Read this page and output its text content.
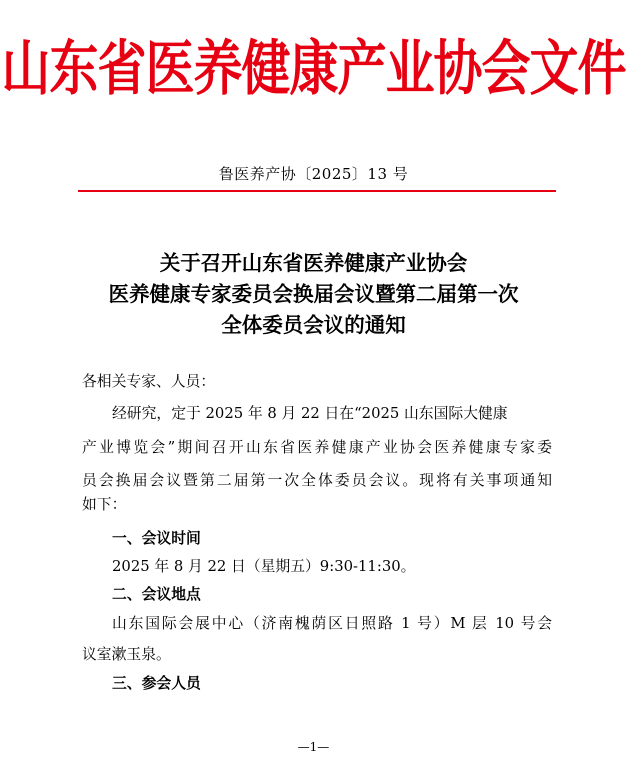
山东省医养健康产业协会文件
鲁医养产协〔2025〕13 号
关于召开山东省医养健康产业协会
医养健康专家委员会换届会议暨第二届第一次
全体委员会议的通知
各相关专家、人员：
经研究，定于 2025 年 8 月 22 日在“2025 山东国际大健康
产业博览会”期间召开山东省医养健康产业协会医养健康专家委
员会换届会议暨第二届第一次全体委员会议。现将有关事项通知
如下：
一、会议时间
2025 年 8 月 22 日（星期五）9:30-11:30。
二、会议地点
山东国际会展中心（济南槐荫区日照路 1 号）M 层 10 号会
议室漱玉泉。
三、参会人员
—1—
